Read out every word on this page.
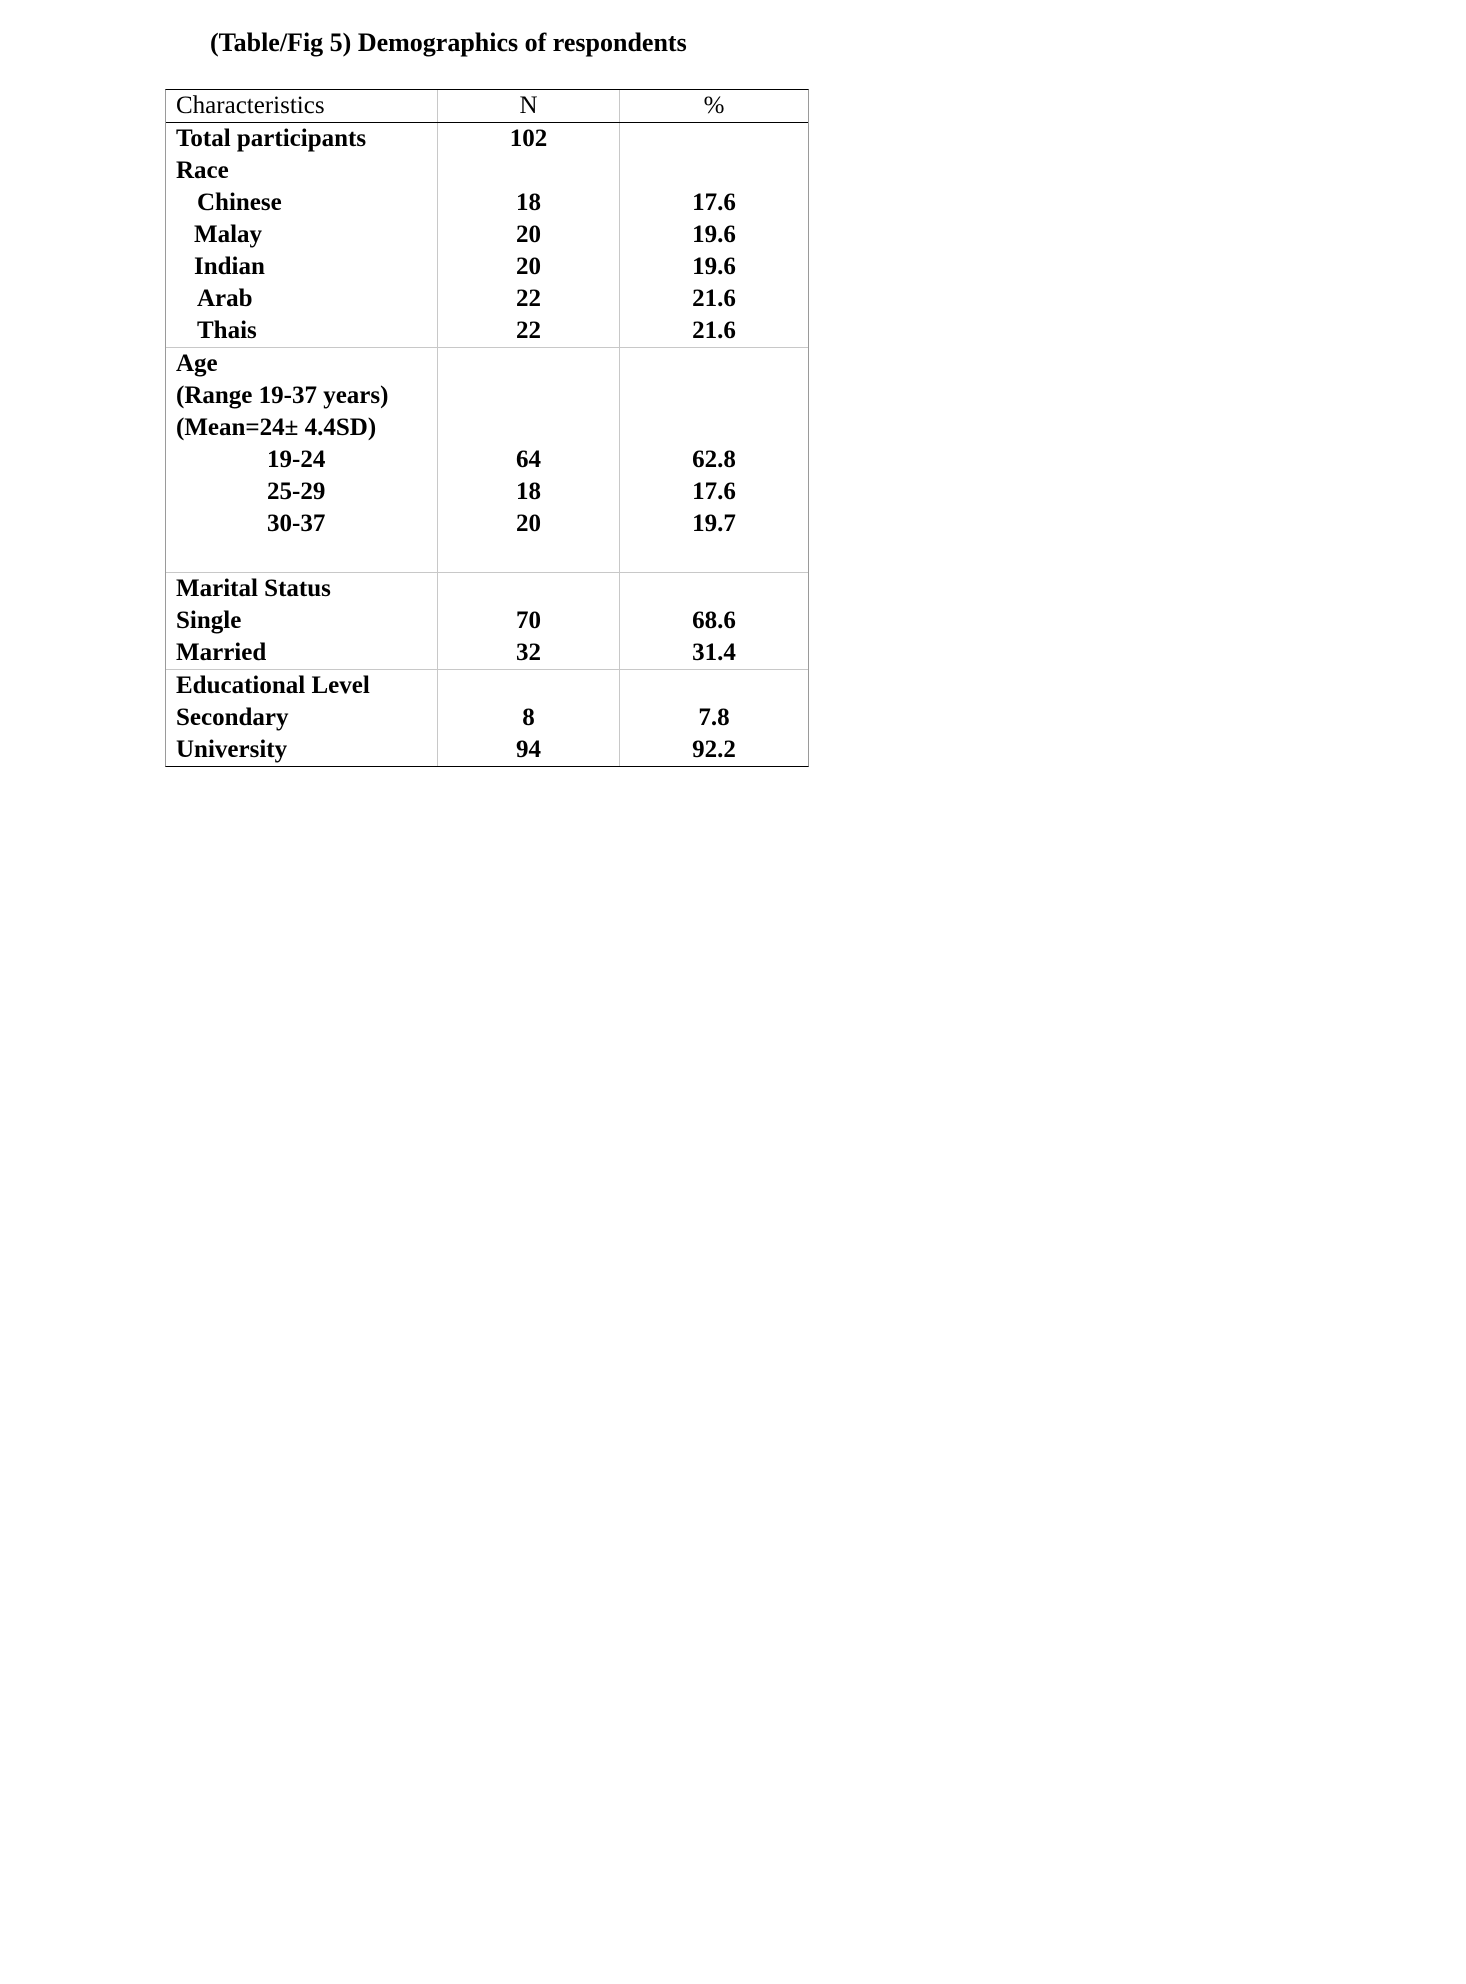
(Table/Fig 5) Demographics of respondents
Characteristics	N	%
Total participants
Race
Chinese
Malay
Indian
Arab
Thais
102
18
20
20
22
22
17.6
19.6
19.6
21.6
21.6
Age
(Range 19-37 years)
(Mean=24± 4.4SD)
19-24
25-29
30-37
64
18
20
62.8
17.6
19.7
Marital Status
Single
Married
70
32
68.6
31.4
Educational Level
Secondary
University
8
94
7.8
92.2
